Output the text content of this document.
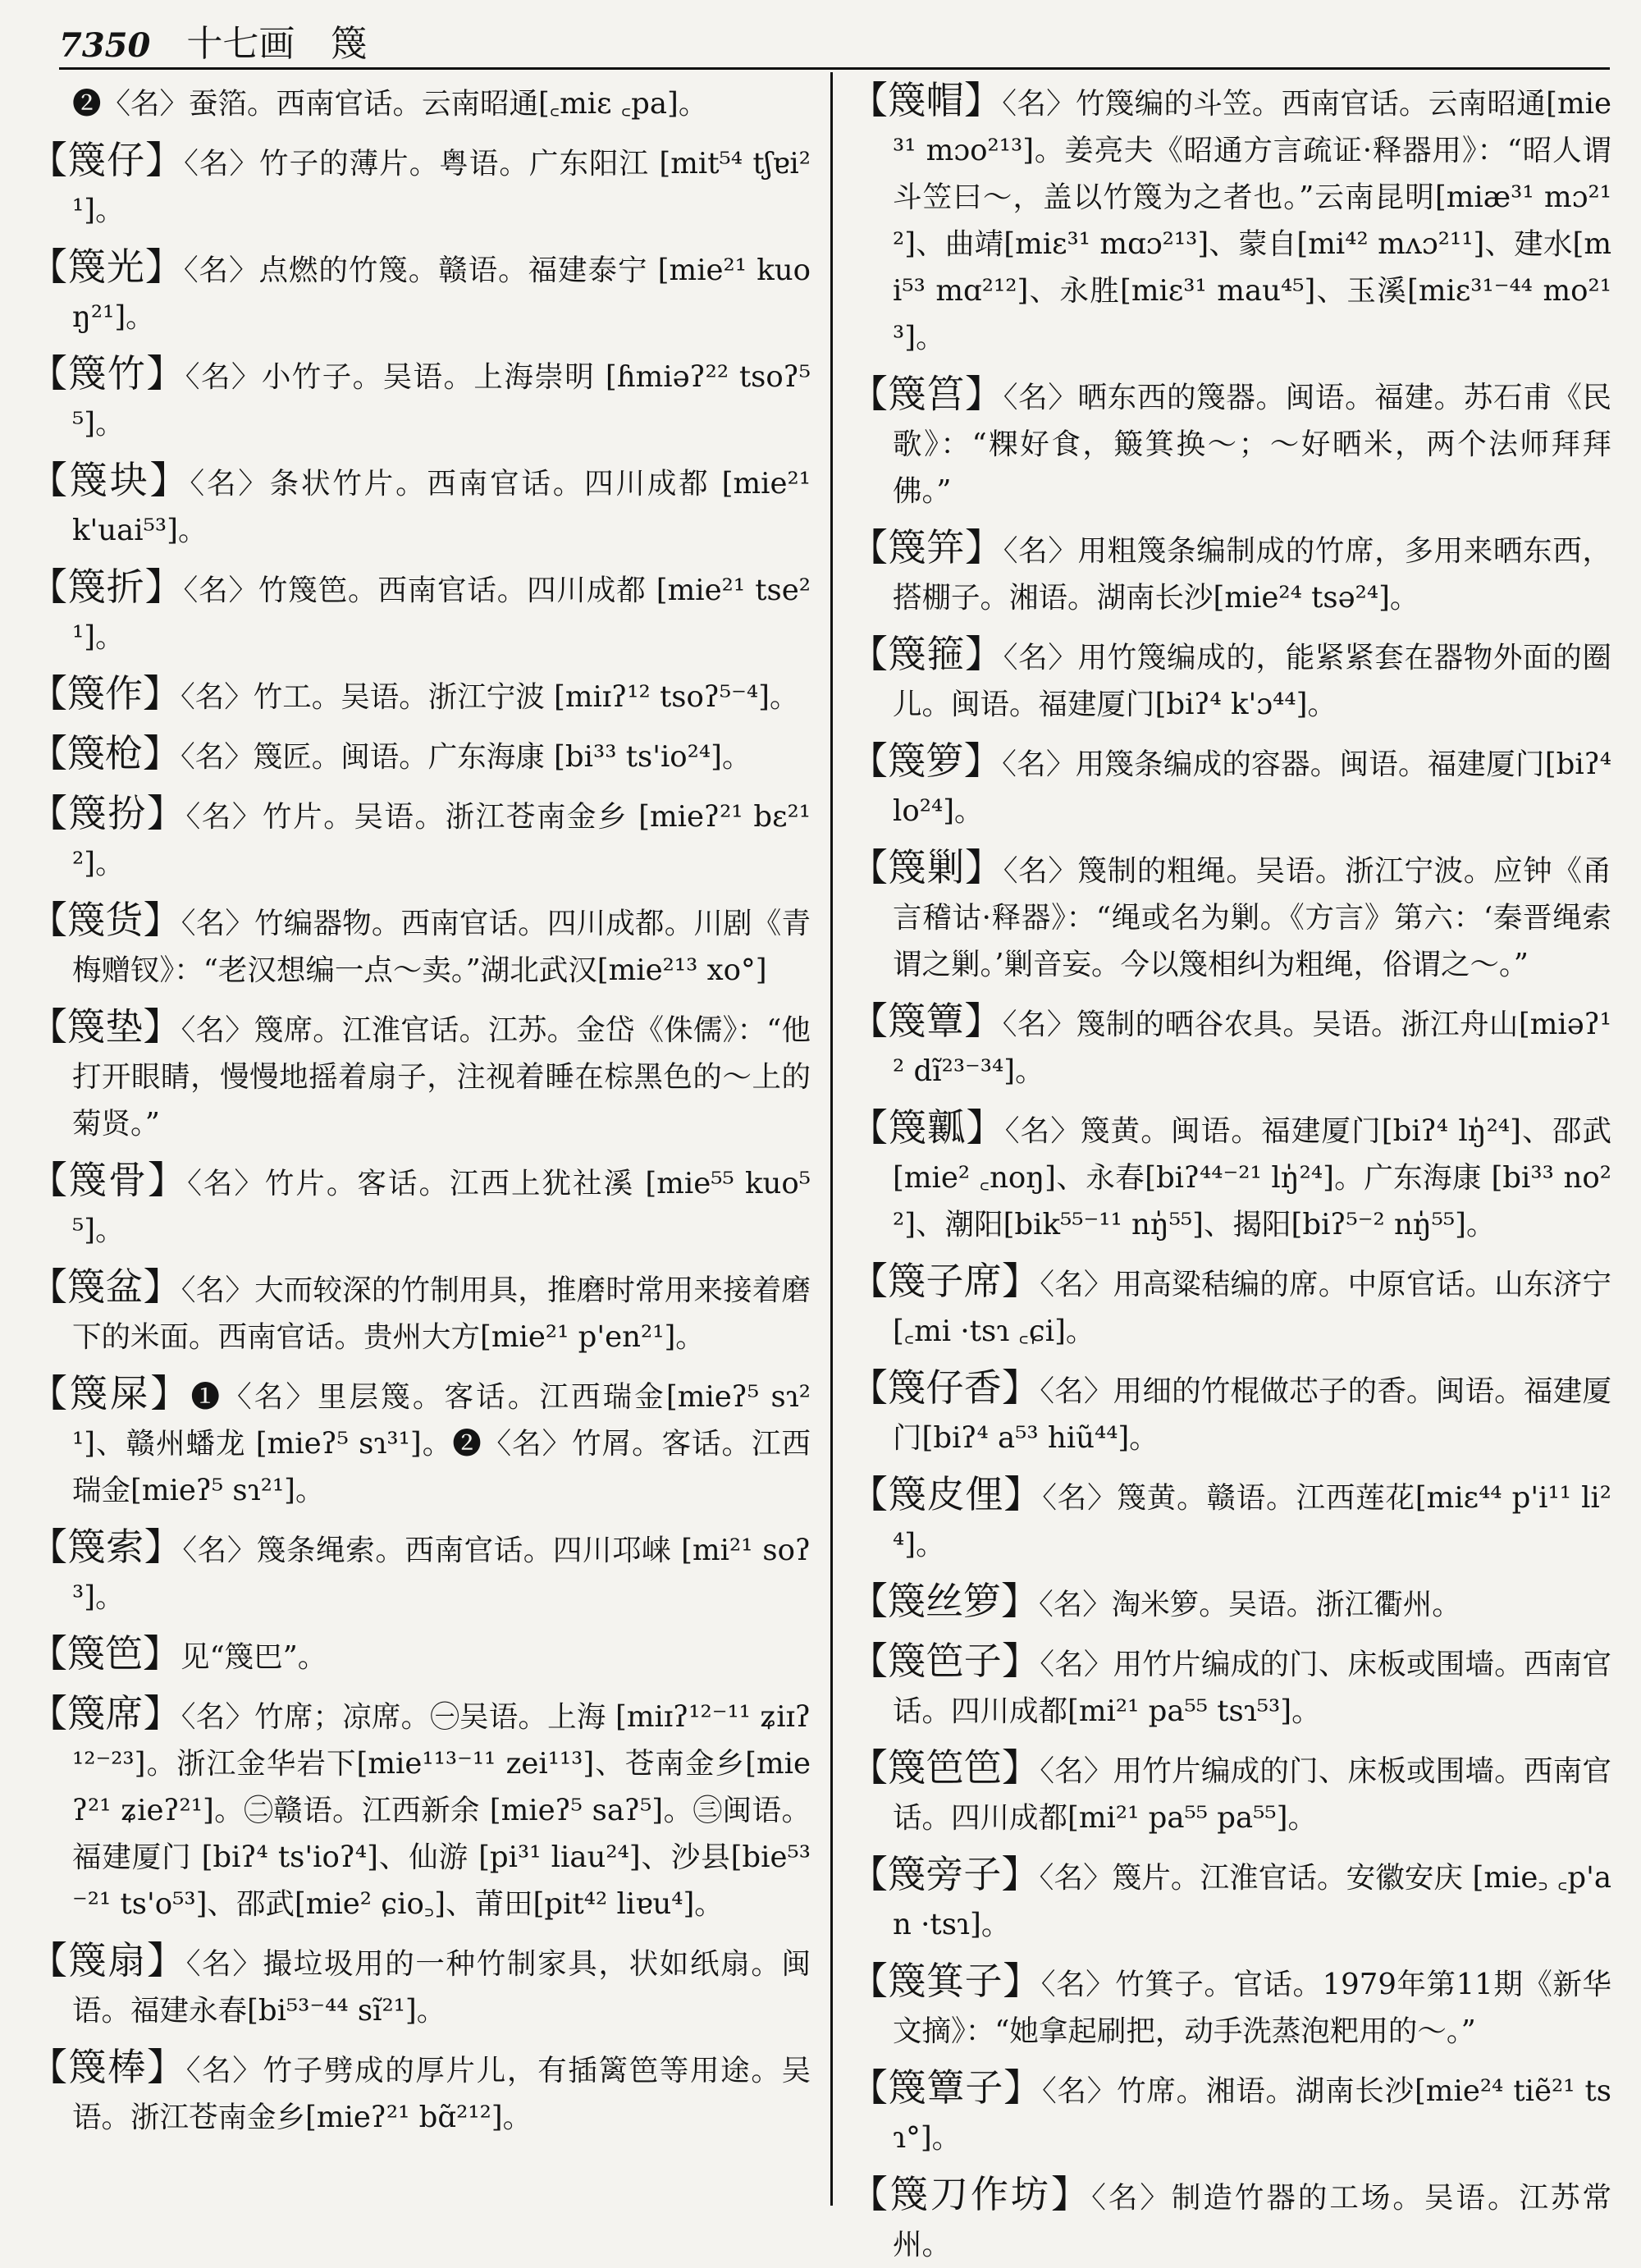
7350 十七画 篾

❷〈名〉蚕箔。西南官话。云南昭通[꜀miɛ ꜀pa]。

【篾仔】〈名〉竹子的薄片。粤语。广东阳江 [mit⁵⁴ tʃɐi²¹]。

【篾光】〈名〉点燃的竹篾。赣语。福建泰宁 [mie²¹ kuoŋ²¹]。

【篾竹】〈名〉小竹子。吴语。上海崇明 [ɦmiəʔ²² tsoʔ⁵⁵]。

【篾块】〈名〉条状竹片。西南官话。四川成都 [mie²¹ k'uai⁵³]。

【篾折】〈名〉竹篾笆。西南官话。四川成都 [mie²¹ tse²¹]。

【篾作】〈名〉竹工。吴语。浙江宁波 [miɪʔ¹² tsoʔ⁵⁻⁴]。

【篾枪】〈名〉篾匠。闽语。广东海康 [bi³³ ts'io²⁴]。

【篾扮】〈名〉竹片。吴语。浙江苍南金乡 [mieʔ²¹ bɛ²¹²]。

【篾货】〈名〉竹编器物。西南官话。四川成都。川剧《青梅赠钗》：“老汉想编一点～卖。”湖北武汉[mie²¹³ xo°]

【篾垫】〈名〉篾席。江淮官话。江苏。金岱《侏儒》：“他打开眼睛，慢慢地摇着扇子，注视着睡在棕黑色的～上的菊贤。”

【篾骨】〈名〉竹片。客话。江西上犹社溪 [mie⁵⁵ kuo⁵⁵]。

【篾盆】〈名〉大而较深的竹制用具，推磨时常用来接着磨下的米面。西南官话。贵州大方[mie²¹ p'en²¹]。

【篾屎】❶〈名〉里层篾。客话。江西瑞金[mieʔ⁵ sɿ²¹]、赣州蟠龙 [mieʔ⁵ sɿ³¹]。❷〈名〉竹屑。客话。江西瑞金[mieʔ⁵ sɿ²¹]。

【篾索】〈名〉篾条绳索。西南官话。四川邛崃 [mi²¹ soʔ³]。

【篾笆】见“篾巴”。

【篾席】〈名〉竹席；凉席。㊀吴语。上海 [miɪʔ¹²⁻¹¹ ʑiɪʔ¹²⁻²³]。浙江金华岩下[mie¹¹³⁻¹¹ zei¹¹³]、苍南金乡[mieʔ²¹ ʑieʔ²¹]。㊁赣语。江西新余 [mieʔ⁵ saʔ⁵]。㊂闽语。福建厦门 [biʔ⁴ ts'ioʔ⁴]、仙游 [pi³¹ liau²⁴]、沙县[bie⁵³⁻²¹ ts'o⁵³]、邵武[mie² ɕio꜆]、莆田[pit⁴² liɐu⁴]。

【篾扇】〈名〉撮垃圾用的一种竹制家具，状如纸扇。闽语。福建永春[bi⁵³⁻⁴⁴ sĩ²¹]。

【篾棒】〈名〉竹子劈成的厚片儿，有插篱笆等用途。吴语。浙江苍南金乡[mieʔ²¹ bɑ̃²¹²]。

【篾帽】〈名〉竹篾编的斗笠。西南官话。云南昭通[mie³¹ mɔo²¹³]。姜亮夫《昭通方言疏证·释器用》：“昭人谓斗笠曰～，盖以竹篾为之者也。”云南昆明[miæ³¹ mɔ²¹²]、曲靖[miɛ³¹ mɑɔ²¹³]、蒙自[mi⁴² mʌɔ²¹¹]、建水[mi⁵³ mɑ²¹²]、永胜[miɛ³¹ mau⁴⁵]、玉溪[miɛ³¹⁻⁴⁴ mo²¹³]。

【篾筥】〈名〉晒东西的篾器。闽语。福建。苏石甫《民歌》：“粿好食，簸箕换～；～好晒米，两个法师拜拜佛。”

【篾笄】〈名〉用粗篾条编制成的竹席，多用来晒东西，搭棚子。湘语。湖南长沙[mie²⁴ tsə²⁴]。

【篾箍】〈名〉用竹篾编成的，能紧紧套在器物外面的圈儿。闽语。福建厦门[biʔ⁴ k'ɔ⁴⁴]。

【篾箩】〈名〉用篾条编成的容器。闽语。福建厦门[biʔ⁴ lo²⁴]。

【篾剿】〈名〉篾制的粗绳。吴语。浙江宁波。应钟《甬言稽诂·释器》：“绳或名为剿。《方言》第六：‘秦晋绳索谓之剿。’剿音妄。今以篾相纠为粗绳，俗谓之～。”

【篾簟】〈名〉篾制的晒谷农具。吴语。浙江舟山[miəʔ¹² dĩ²³⁻³⁴]。

【篾瓤】〈名〉篾黄。闽语。福建厦门[biʔ⁴ lŋ̍²⁴]、邵武[mie² ꜀noŋ]、永春[biʔ⁴⁴⁻²¹ lŋ̍²⁴]。广东海康 [bi³³ no²²]、潮阳[bik⁵⁵⁻¹¹ nŋ̍⁵⁵]、揭阳[biʔ⁵⁻² nŋ̍⁵⁵]。

【篾子席】〈名〉用高粱秸编的席。中原官话。山东济宁[꜀mi ·tsɿ ꜀ɕi]。

【篾仔香】〈名〉用细的竹棍做芯子的香。闽语。福建厦门[biʔ⁴ a⁵³ hiũ⁴⁴]。

【篾皮俚】〈名〉篾黄。赣语。江西莲花[miɛ⁴⁴ p'i¹¹ li²⁴]。

【篾丝箩】〈名〉淘米箩。吴语。浙江衢州。

【篾笆子】〈名〉用竹片编成的门、床板或围墙。西南官话。四川成都[mi²¹ pa⁵⁵ tsɿ⁵³]。

【篾笆笆】〈名〉用竹片编成的门、床板或围墙。西南官话。四川成都[mi²¹ pa⁵⁵ pa⁵⁵]。

【篾旁子】〈名〉篾片。江淮官话。安徽安庆 [mie꜆ ꜀p'an ·tsɿ]。

【篾箕子】〈名〉竹箕子。官话。1979年第11期《新华文摘》：“她拿起刷把，动手洗蒸泡粑用的～。”

【篾簟子】〈名〉竹席。湘语。湖南长沙[mie²⁴ tiẽ²¹ tsɿ°]。

【篾刀作坊】〈名〉制造竹器的工场。吴语。江苏常州。
